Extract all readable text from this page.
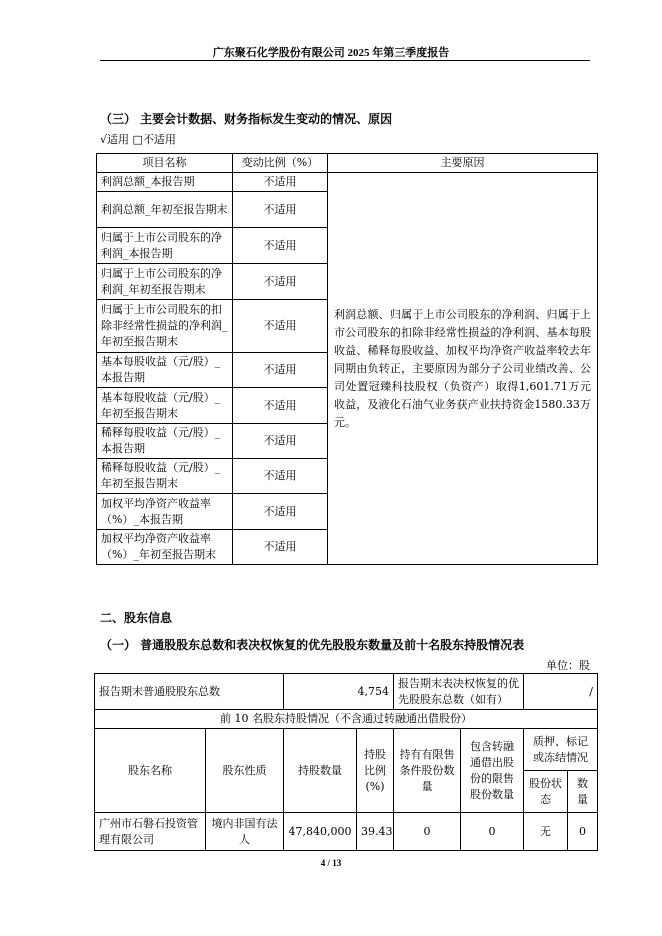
广东聚石化学股份有限公司 2025 年第三季度报告
（三） 主要会计数据、财务指标发生变动的情况、原因
√适用 □不适用
项目名称	变动比例（%）	主要原因
利润总额_本报告期	不适用	利润总额、归属于上市公司股东的净利润、归属于上市公司股东的扣除非经常性损益的净利润、基本每股收益、稀释每股收益、加权平均净资产收益率较去年同期由负转正，主要原因为部分子公司业绩改善、公司处置冠臻科技股权（负资产）取得1,601.71万元收益，及液化石油气业务获产业扶持资金1580.33万元。
利润总额_年初至报告期末	不适用	
归属于上市公司股东的净利润_本报告期	不适用	
归属于上市公司股东的净利润_年初至报告期末	不适用	
归属于上市公司股东的扣除非经常性损益的净利润_年初至报告期末	不适用	
基本每股收益（元/股）_本报告期	不适用	
基本每股收益（元/股）_年初至报告期末	不适用	
稀释每股收益（元/股）_本报告期	不适用	
稀释每股收益（元/股）_年初至报告期末	不适用	
加权平均净资产收益率（%）_本报告期	不适用	
加权平均净资产收益率（%）_年初至报告期末	不适用	
二、股东信息
（一） 普通股股东总数和表决权恢复的优先股股东数量及前十名股东持股情况表
单位：股
报告期末普通股股东总数		4,754		报告期末表决权恢复的优先股股东总数（如有）		/	
前 10 名股东持股情况（不含通过转融通出借股份）							
股东名称	股东性质	持股数量	持股比例(%)	持有有限售条件股份数量	包含转融通借出股份的限售股份数量	质押、标记或冻结情况	
						股份状态	数量
广州市石磐石投资管理有限公司	境内非国有法人	47,840,000	39.43	0	0	无	0
4 / 13
